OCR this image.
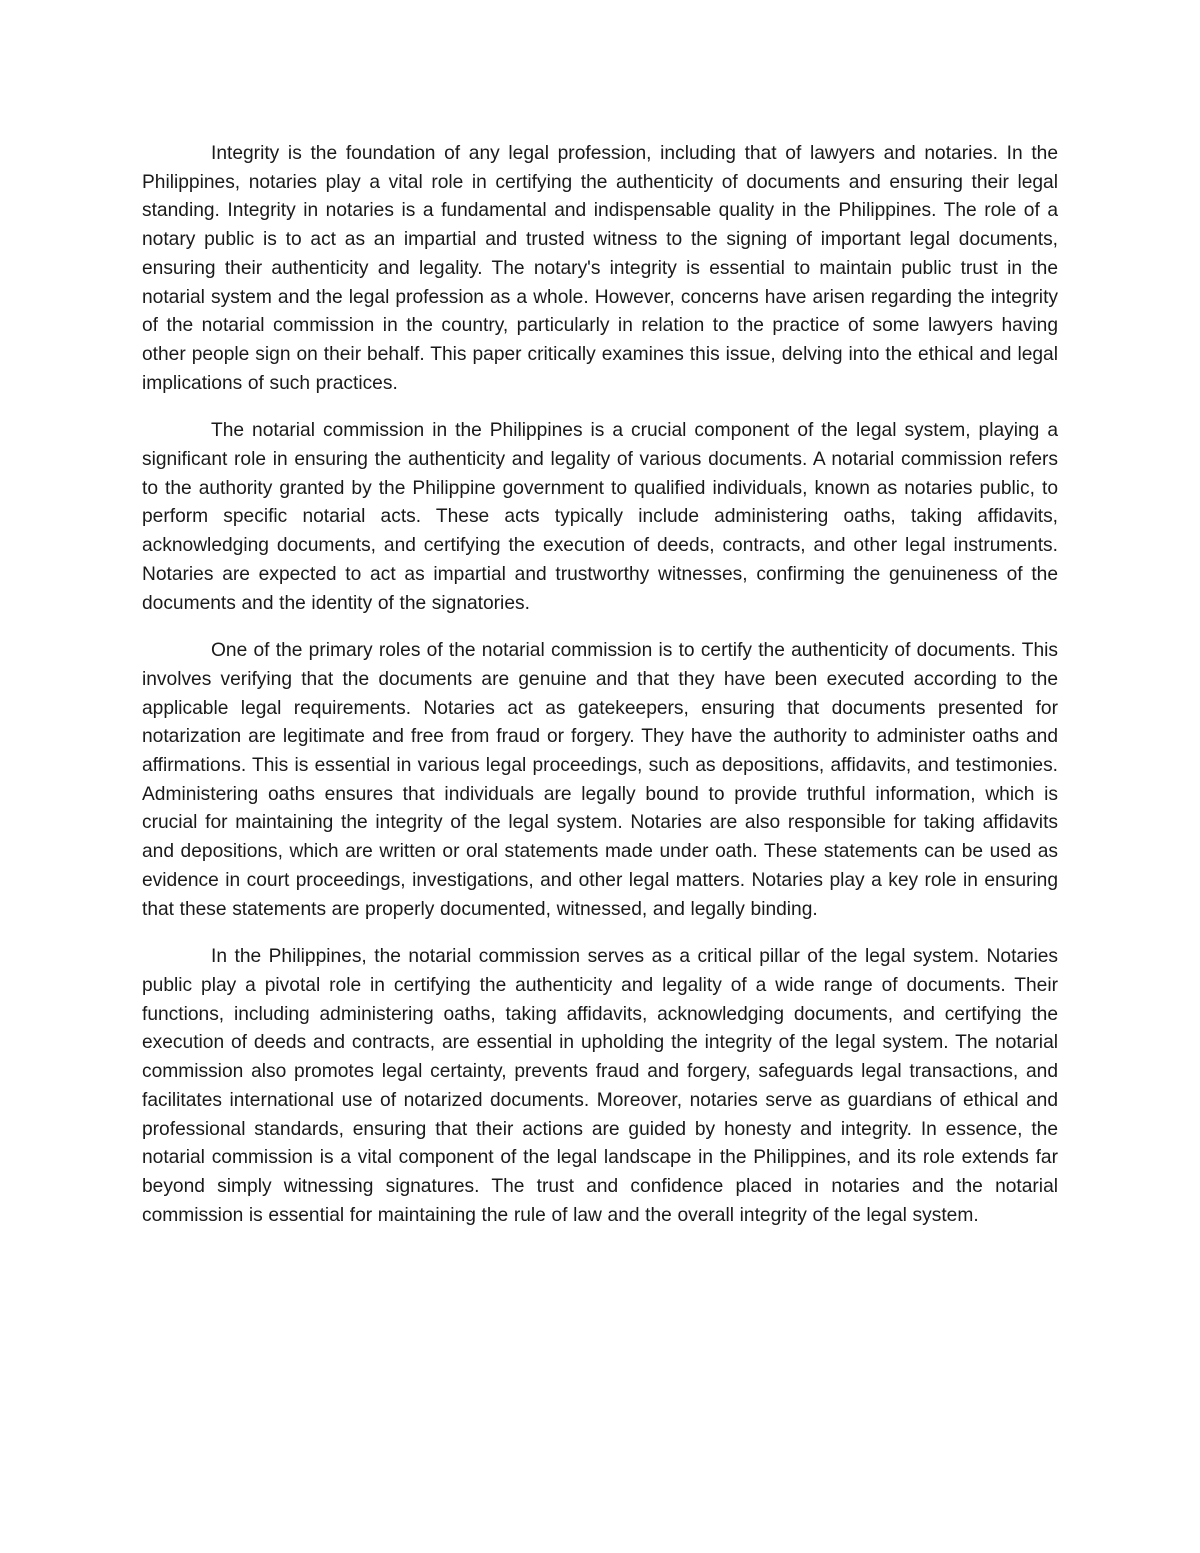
Integrity is the foundation of any legal profession, including that of lawyers and notaries. In the Philippines, notaries play a vital role in certifying the authenticity of documents and ensuring their legal standing. Integrity in notaries is a fundamental and indispensable quality in the Philippines. The role of a notary public is to act as an impartial and trusted witness to the signing of important legal documents, ensuring their authenticity and legality. The notary's integrity is essential to maintain public trust in the notarial system and the legal profession as a whole. However, concerns have arisen regarding the integrity of the notarial commission in the country, particularly in relation to the practice of some lawyers having other people sign on their behalf. This paper critically examines this issue, delving into the ethical and legal implications of such practices.

The notarial commission in the Philippines is a crucial component of the legal system, playing a significant role in ensuring the authenticity and legality of various documents. A notarial commission refers to the authority granted by the Philippine government to qualified individuals, known as notaries public, to perform specific notarial acts. These acts typically include administering oaths, taking affidavits, acknowledging documents, and certifying the execution of deeds, contracts, and other legal instruments. Notaries are expected to act as impartial and trustworthy witnesses, confirming the genuineness of the documents and the identity of the signatories.

One of the primary roles of the notarial commission is to certify the authenticity of documents. This involves verifying that the documents are genuine and that they have been executed according to the applicable legal requirements. Notaries act as gatekeepers, ensuring that documents presented for notarization are legitimate and free from fraud or forgery. They have the authority to administer oaths and affirmations. This is essential in various legal proceedings, such as depositions, affidavits, and testimonies. Administering oaths ensures that individuals are legally bound to provide truthful information, which is crucial for maintaining the integrity of the legal system. Notaries are also responsible for taking affidavits and depositions, which are written or oral statements made under oath. These statements can be used as evidence in court proceedings, investigations, and other legal matters. Notaries play a key role in ensuring that these statements are properly documented, witnessed, and legally binding.

In the Philippines, the notarial commission serves as a critical pillar of the legal system. Notaries public play a pivotal role in certifying the authenticity and legality of a wide range of documents. Their functions, including administering oaths, taking affidavits, acknowledging documents, and certifying the execution of deeds and contracts, are essential in upholding the integrity of the legal system. The notarial commission also promotes legal certainty, prevents fraud and forgery, safeguards legal transactions, and facilitates international use of notarized documents. Moreover, notaries serve as guardians of ethical and professional standards, ensuring that their actions are guided by honesty and integrity. In essence, the notarial commission is a vital component of the legal landscape in the Philippines, and its role extends far beyond simply witnessing signatures. The trust and confidence placed in notaries and the notarial commission is essential for maintaining the rule of law and the overall integrity of the legal system.
